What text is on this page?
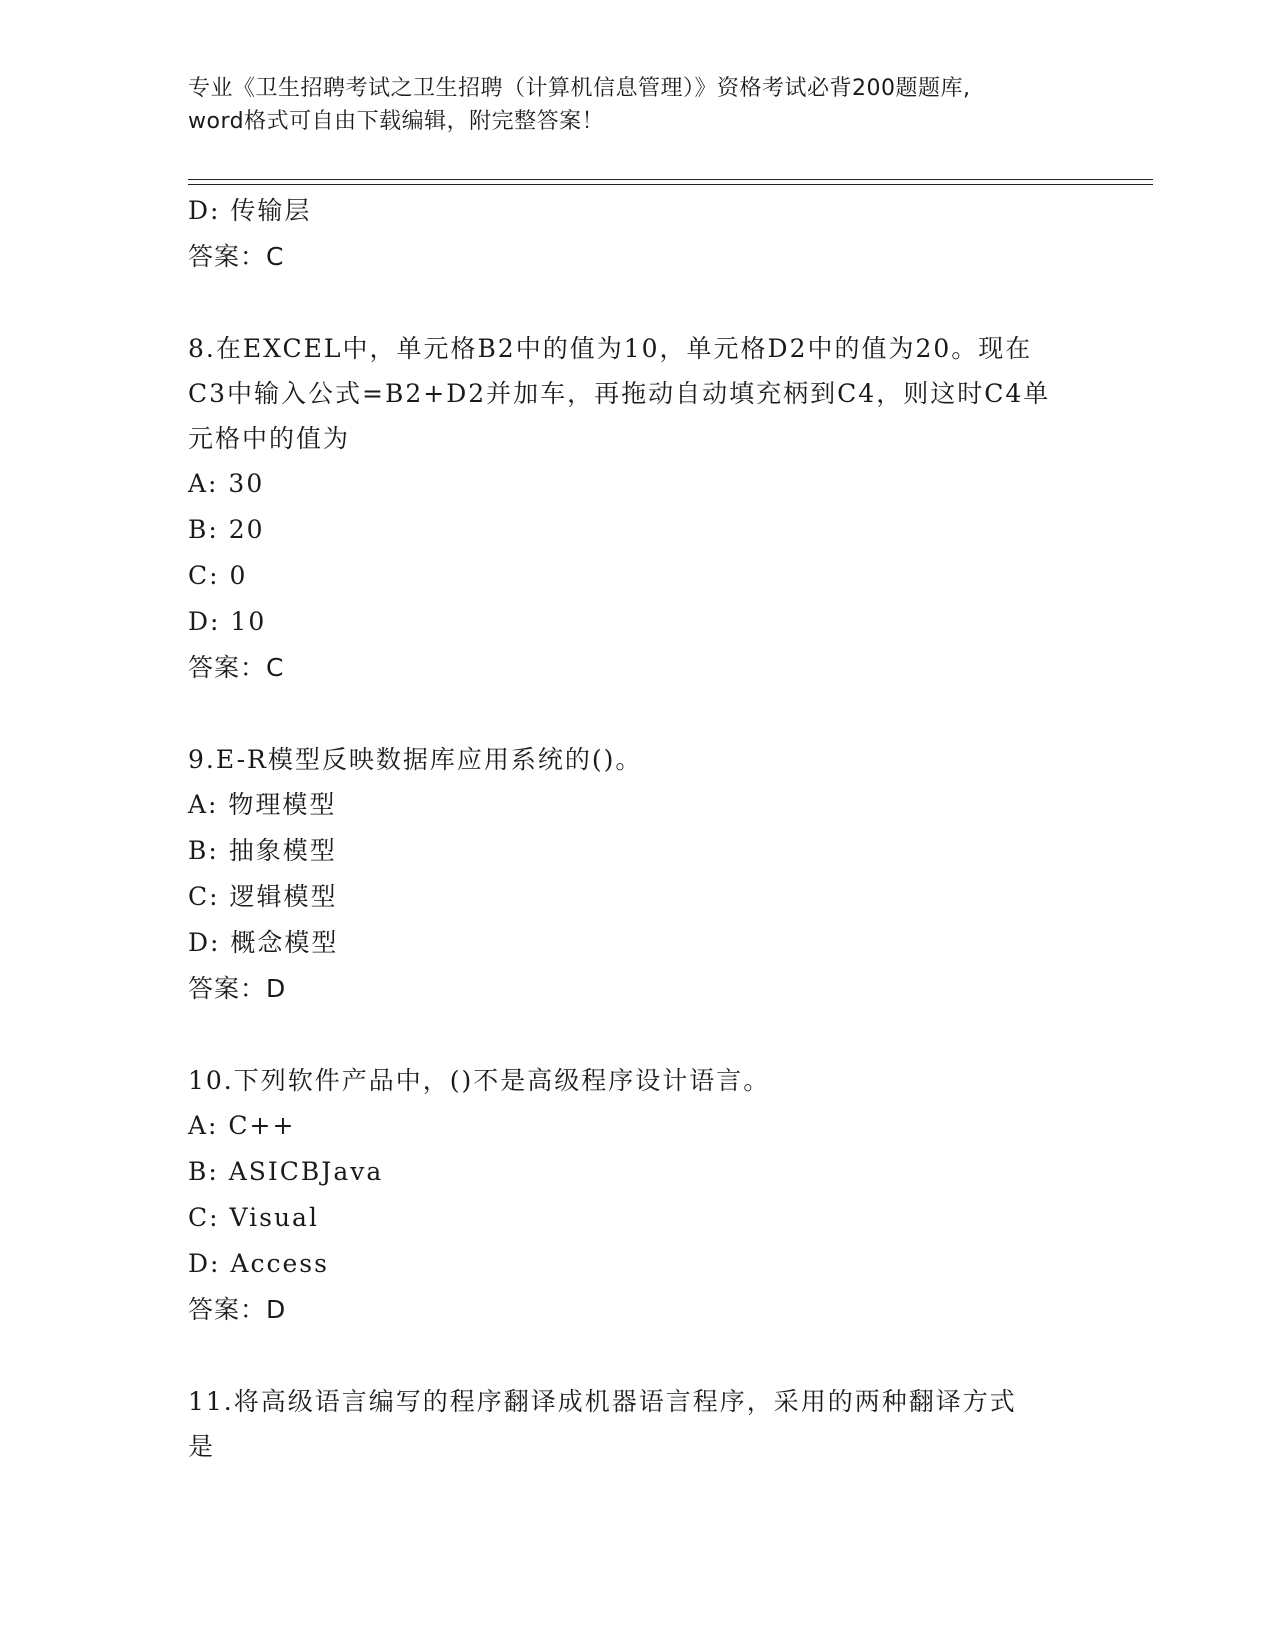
专业《卫生招聘考试之卫生招聘（计算机信息管理）》资格考试必背200题题库,
word格式可自由下载编辑，附完整答案！
D: 传输层
答案：C
8.在EXCEL中，单元格B2中的值为10，单元格D2中的值为20。现在
C3中输入公式=B2+D2并加车，再拖动自动填充柄到C4，则这时C4单
元格中的值为
A: 30
B: 20
C: 0
D: 10
答案：C
9.E-R模型反映数据库应用系统的()。
A: 物理模型
B: 抽象模型
C: 逻辑模型
D: 概念模型
答案：D
10.下列软件产品中，()不是高级程序设计语言。
A: C++
B: ASICBJava
C: Visual
D: Access
答案：D
11.将高级语言编写的程序翻译成机器语言程序，采用的两种翻译方式
是
